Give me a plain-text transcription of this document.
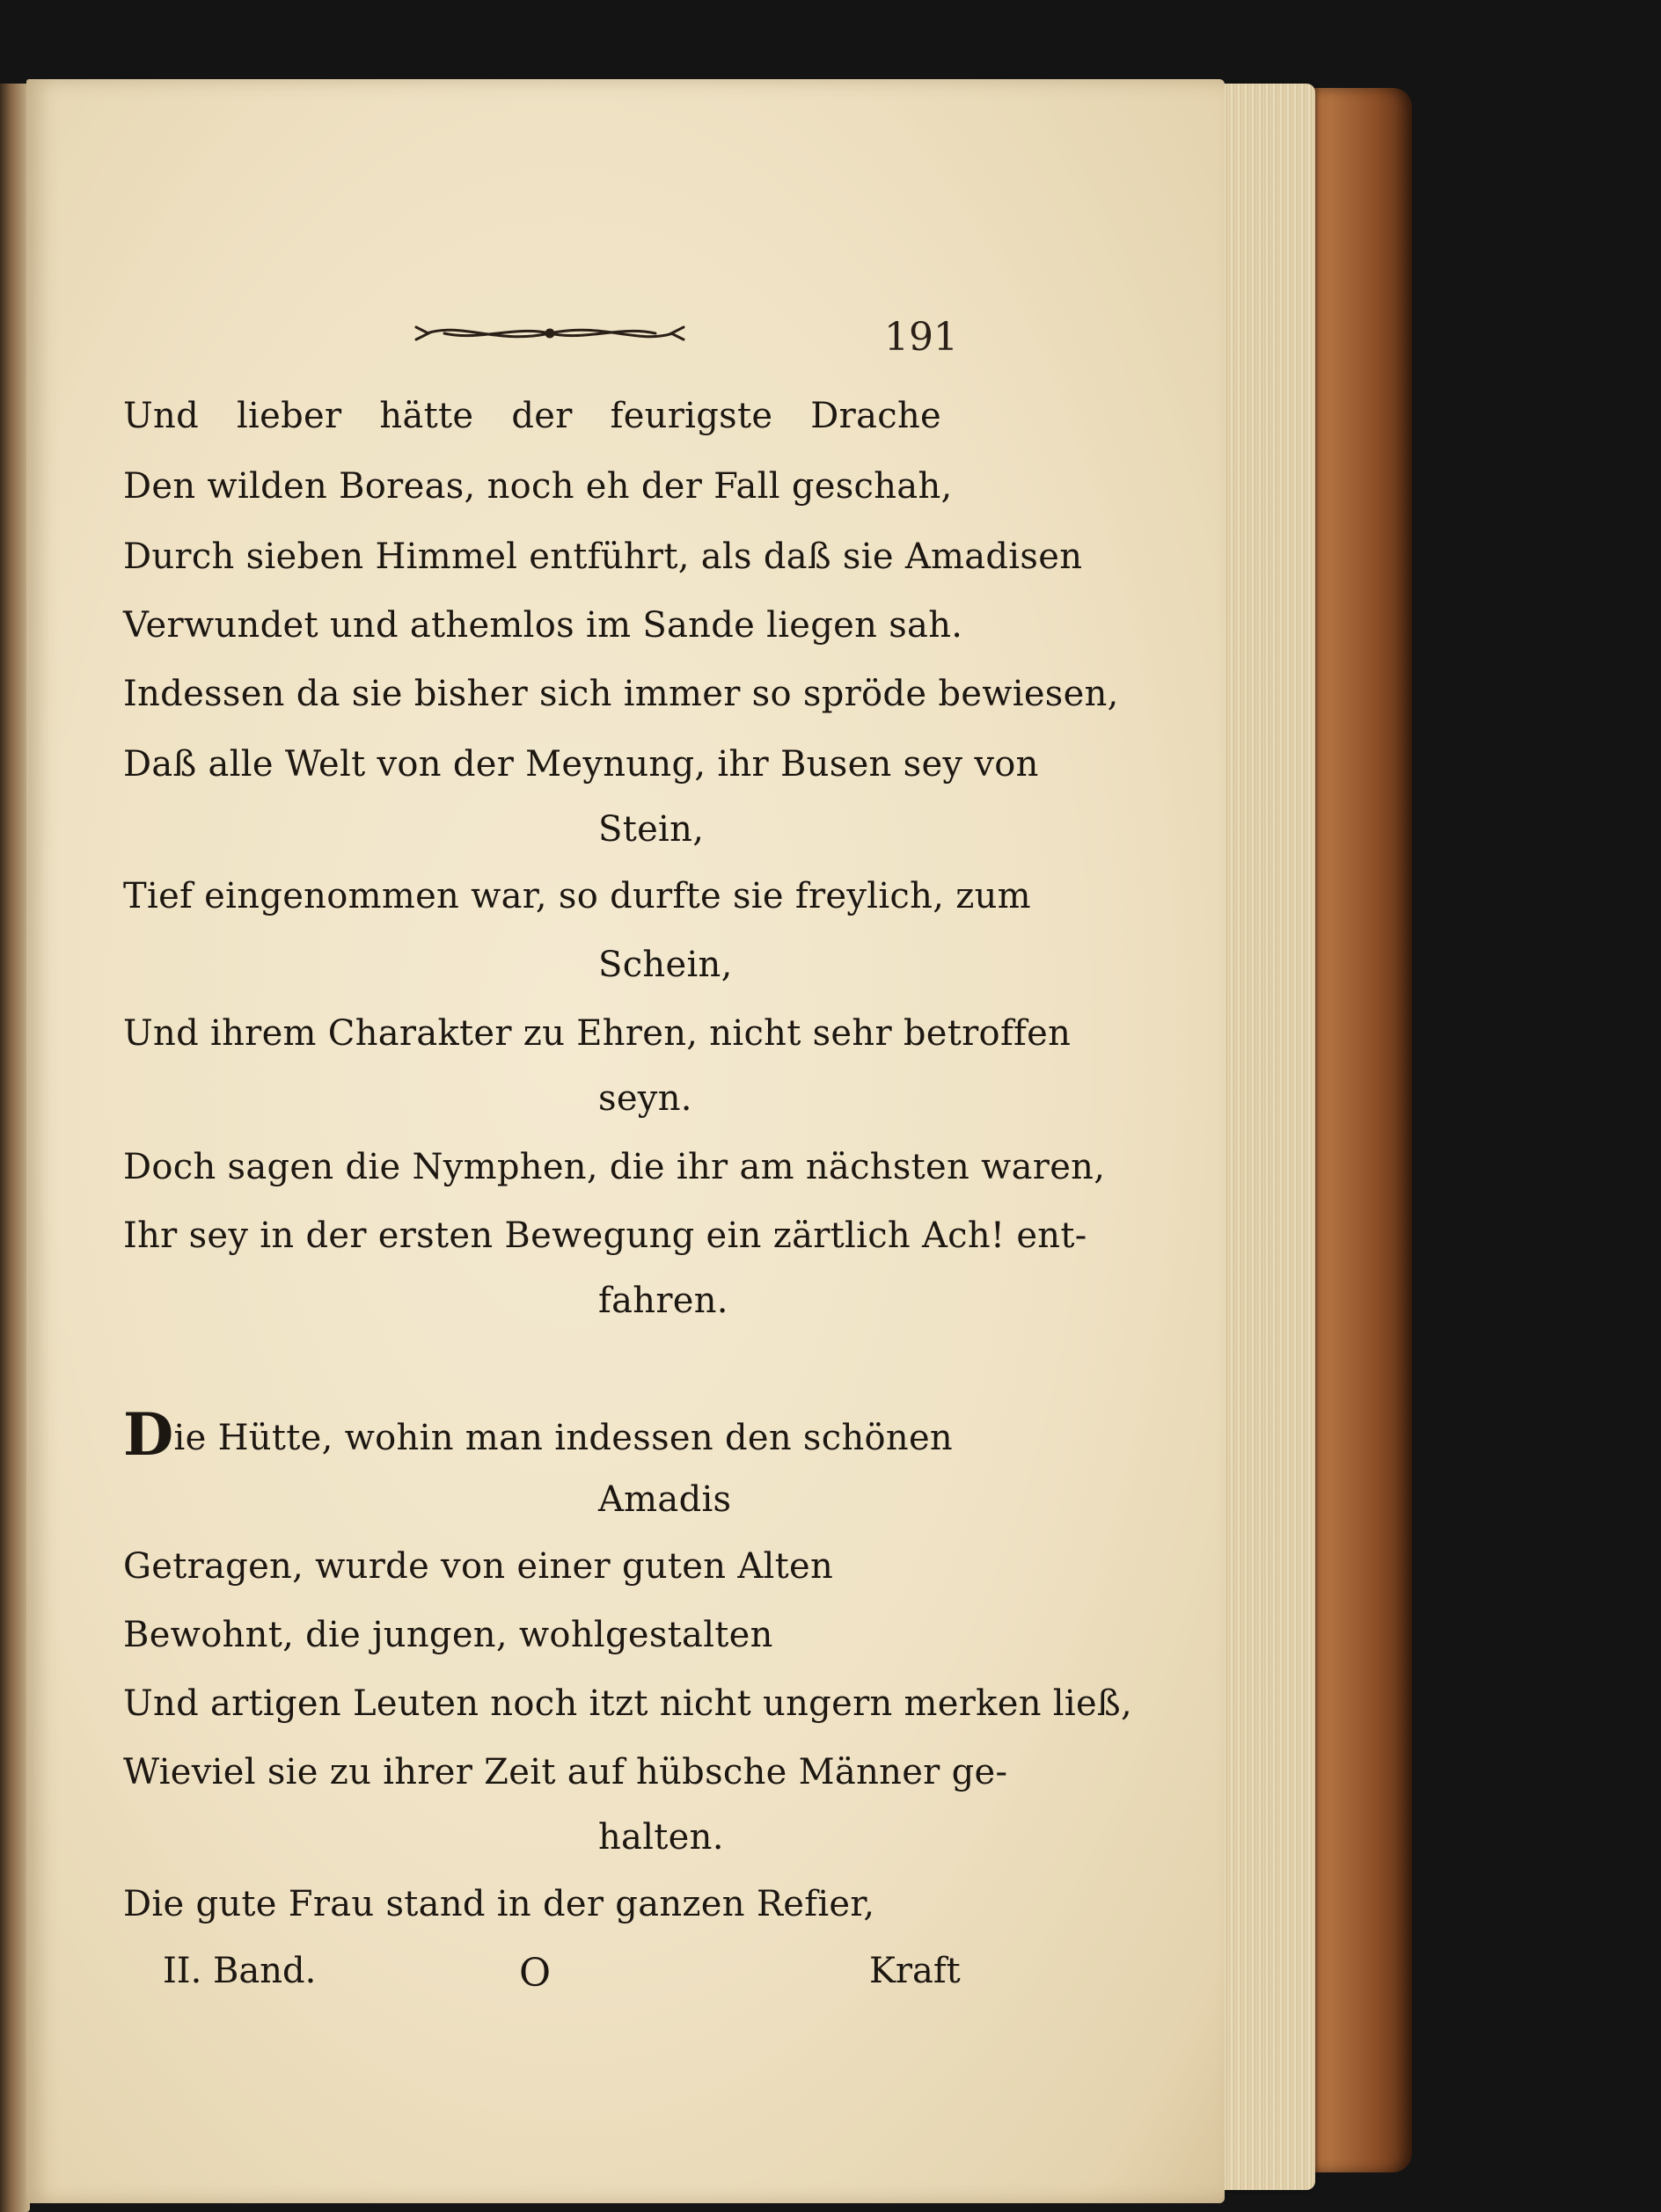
191
Und lieber hätte der feurigste Drache
Den wilden Boreas, noch eh der Fall geschah,
Durch sieben Himmel entführt, als daß sie Amadisen
Verwundet und athemlos im Sande liegen sah.
Indessen da sie bisher sich immer so spröde bewiesen,
Daß alle Welt von der Meynung, ihr Busen sey von
Stein,
Tief eingenommen war, so durfte sie freylich, zum
Schein,
Und ihrem Charakter zu Ehren, nicht sehr betroffen
seyn.
Doch sagen die Nymphen, die ihr am nächsten waren,
Ihr sey in der ersten Bewegung ein zärtlich Ach! ent-
fahren.
Die Hütte, wohin man indessen den schönen
Amadis
Getragen, wurde von einer guten Alten
Bewohnt, die jungen, wohlgestalten
Und artigen Leuten noch itzt nicht ungern merken ließ,
Wieviel sie zu ihrer Zeit auf hübsche Männer ge-
halten.
Die gute Frau stand in der ganzen Refier,
II. Band.	O	Kraft
